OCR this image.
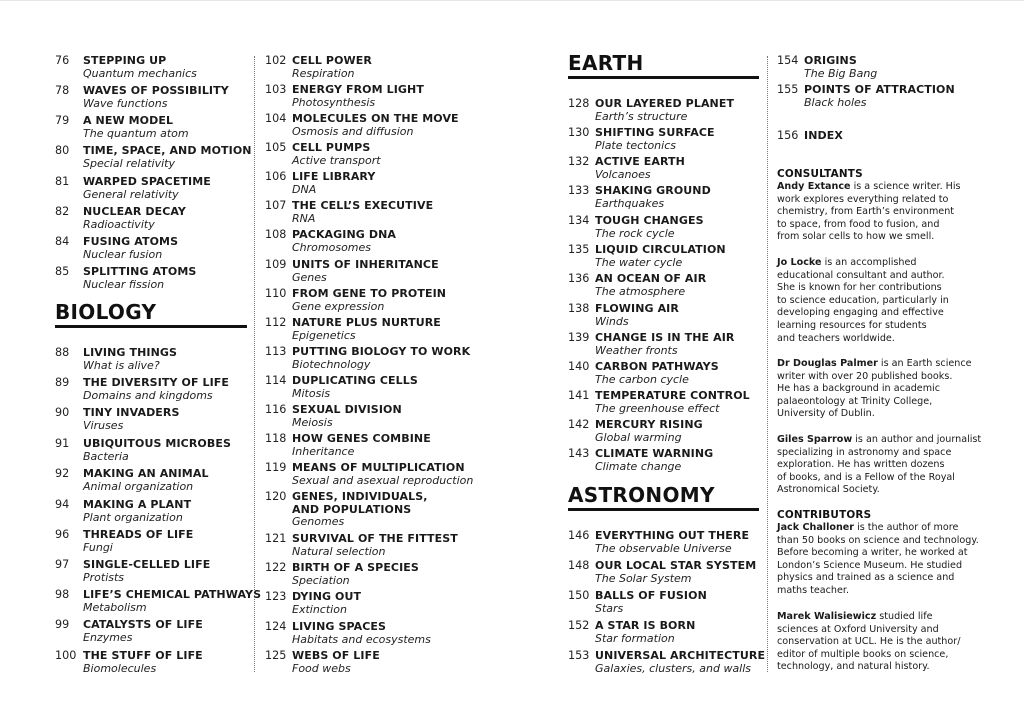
76 STEPPING UP
Quantum mechanics
78 WAVES OF POSSIBILITY
Wave functions
79 A NEW MODEL
The quantum atom
80 TIME, SPACE, AND MOTION
Special relativity
81 WARPED SPACETIME
General relativity
82 NUCLEAR DECAY
Radioactivity
84 FUSING ATOMS
Nuclear fusion
85 SPLITTING ATOMS
Nuclear fission
BIOLOGY
88 LIVING THINGS
What is alive?
89 THE DIVERSITY OF LIFE
Domains and kingdoms
90 TINY INVADERS
Viruses
91 UBIQUITOUS MICROBES
Bacteria
92 MAKING AN ANIMAL
Animal organization
94 MAKING A PLANT
Plant organization
96 THREADS OF LIFE
Fungi
97 SINGLE-CELLED LIFE
Protists
98 LIFE’S CHEMICAL PATHWAYS
Metabolism
99 CATALYSTS OF LIFE
Enzymes
100 THE STUFF OF LIFE
Biomolecules
102 CELL POWER
Respiration
103 ENERGY FROM LIGHT
Photosynthesis
104 MOLECULES ON THE MOVE
Osmosis and diffusion
105 CELL PUMPS
Active transport
106 LIFE LIBRARY
DNA
107 THE CELL’S EXECUTIVE
RNA
108 PACKAGING DNA
Chromosomes
109 UNITS OF INHERITANCE
Genes
110 FROM GENE TO PROTEIN
Gene expression
112 NATURE PLUS NURTURE
Epigenetics
113 PUTTING BIOLOGY TO WORK
Biotechnology
114 DUPLICATING CELLS
Mitosis
116 SEXUAL DIVISION
Meiosis
118 HOW GENES COMBINE
Inheritance
119 MEANS OF MULTIPLICATION
Sexual and asexual reproduction
120 GENES, INDIVIDUALS,
AND POPULATIONS
Genomes
121 SURVIVAL OF THE FITTEST
Natural selection
122 BIRTH OF A SPECIES
Speciation
123 DYING OUT
Extinction
124 LIVING SPACES
Habitats and ecosystems
125 WEBS OF LIFE
Food webs
EARTH
128 OUR LAYERED PLANET
Earth’s structure
130 SHIFTING SURFACE
Plate tectonics
132 ACTIVE EARTH
Volcanoes
133 SHAKING GROUND
Earthquakes
134 TOUGH CHANGES
The rock cycle
135 LIQUID CIRCULATION
The water cycle
136 AN OCEAN OF AIR
The atmosphere
138 FLOWING AIR
Winds
139 CHANGE IS IN THE AIR
Weather fronts
140 CARBON PATHWAYS
The carbon cycle
141 TEMPERATURE CONTROL
The greenhouse effect
142 MERCURY RISING
Global warming
143 CLIMATE WARNING
Climate change
ASTRONOMY
146 EVERYTHING OUT THERE
The observable Universe
148 OUR LOCAL STAR SYSTEM
The Solar System
150 BALLS OF FUSION
Stars
152 A STAR IS BORN
Star formation
153 UNIVERSAL ARCHITECTURE
Galaxies, clusters, and walls
154 ORIGINS
The Big Bang
155 POINTS OF ATTRACTION
Black holes
156 INDEX
CONSULTANTS
Andy Extance is a science writer. His
work explores everything related to
chemistry, from Earth’s environment
to space, from food to fusion, and
from solar cells to how we smell.
Jo Locke is an accomplished
educational consultant and author.
She is known for her contributions
to science education, particularly in
developing engaging and effective
learning resources for students
and teachers worldwide.
Dr Douglas Palmer is an Earth science
writer with over 20 published books.
He has a background in academic
palaeontology at Trinity College,
University of Dublin.
Giles Sparrow is an author and journalist
specializing in astronomy and space
exploration. He has written dozens
of books, and is a Fellow of the Royal
Astronomical Society.
CONTRIBUTORS
Jack Challoner is the author of more
than 50 books on science and technology.
Before becoming a writer, he worked at
London’s Science Museum. He studied
physics and trained as a science and
maths teacher.
Marek Walisiewicz studied life
sciences at Oxford University and
conservation at UCL. He is the author/
editor of multiple books on science,
technology, and natural history.
